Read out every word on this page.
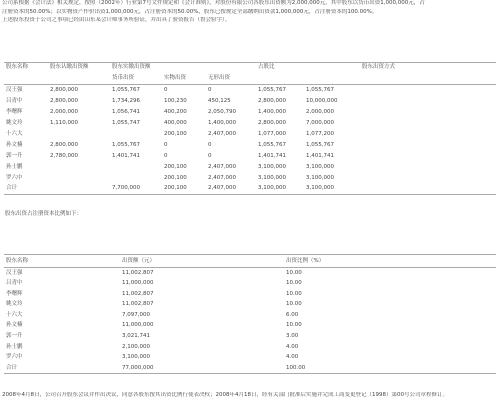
公司系根据《会计法》相关规定，按照（2002年）行业第7号文件规定和《会计准则》，对股份有限公司各股东出资额为2,000,000元，其中股东以货币出资1,000,000元，占
注册资本的50.00%；以实物资产作价出资1,000,000元，占注册资本的50.00%，股东已按规定全部缴纳出资款1,000,000元，占注册资本的100.00%。
上述股东投资于公司之事项已经由山东某会计师事务所验证，并出具了验资报告（鲁会验字）。
股东名称	股东认缴出资额	股东实缴出资额			占股比		股东出资方式
		货币出资	实物出资	无形出资			
汉王强	2,800,000	1,055,767	0	0	1,055,767	1,055,767	
吕青中	2,800,000	1,734,296	100,230	450,125	2,800,000	10,000,000	
李曙辉	2,000,000	1,056,741	400,200	2,050,790	1,400,000	2,000,000	
姚文玲	1,110,000	1,055,747	400,000	1,400,000	2,800,000	7,000,000	
十六大			200,100	2,407,000	1,077,000	1,077,200	
孙文楠	2,800,000	1,055,767	0	0	1,055,767	1,055,767	
郭一升	2,780,000	1,401,741	0	0	1,401,741	1,401,741	
孙士鹏			200,100	2,407,000	3,100,000	3,100,000	
罗六中			200,100	2,407,000	3,100,000	3,100,000	
合计		7,700,000	200,100	2,407,000	3,100,000	3,100,000	
股东出资占注册资本比例如下：
股东名称	出资额（元）	出资比例（%）
汉王强	11,002,807	10.00
吕青中	11,000,000	10.00
李曙辉	11,002,807	10.00
姚文玲	11,002,807	10.00
十六大	7,097,000	6.00
孙文楠	11,000,000	10.00
郭一升	3,021,741	3.00
孙士鹏	2,100,000	4.00
罗六中	3,100,000	4.00
合计	77,000,000	100.00
2008年4月8日，公司召开股东会议并作出决议，同意各股东按其出资比例行使表决权；2008年4月18日，经有关部门批准后实施并完成工商变更登记（1998）第00号公司章程修订。
